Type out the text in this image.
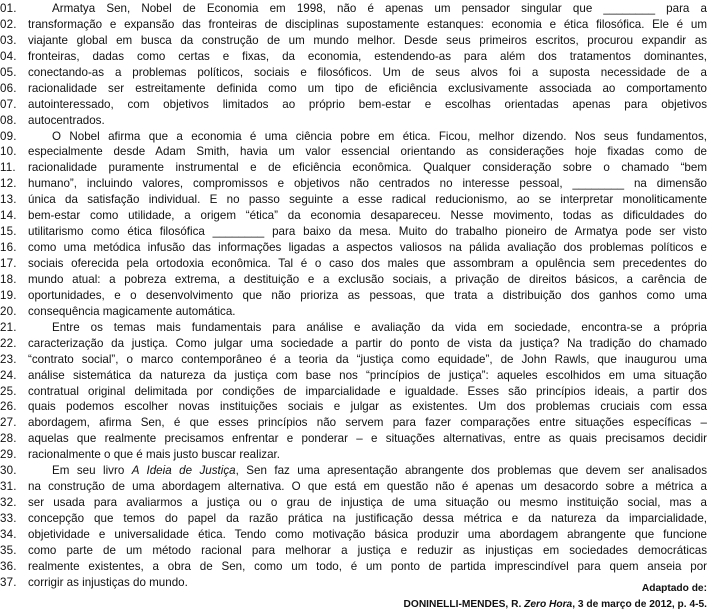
01.	Armatya Sen, Nobel de Economia em 1998, não é apenas um pensador singular que ________ para a
02. transformação e expansão das fronteiras de disciplinas supostamente estanques: economia e ética filosófica. Ele é um
03. viajante global em busca da construção de um mundo melhor. Desde seus primeiros escritos, procurou expandir as
04. fronteiras, dadas como certas e fixas, da economia, estendendo-as para além dos tratamentos dominantes,
05. conectando-as a problemas políticos, sociais e filosóficos. Um de seus alvos foi a suposta necessidade de a
06. racionalidade ser estreitamente definida como um tipo de eficiência exclusivamente associada ao comportamento
07. autointeressado, com objetivos limitados ao próprio bem-estar e escolhas orientadas apenas para objetivos
08. autocentrados.
09.	O Nobel afirma que a economia é uma ciência pobre em ética. Ficou, melhor dizendo. Nos seus fundamentos,
10. especialmente desde Adam Smith, havia um valor essencial orientando as considerações hoje fixadas como de
11.	racionalidade puramente instrumental e de eficiência econômica. Qualquer consideração sobre o chamado “bem
12. humano”, incluindo valores, compromissos e objetivos não centrados no interesse pessoal, ________ na dimensão
13. única da satisfação individual. E no passo seguinte a esse radical reducionismo, ao se interpretar monoliticamente
14. bem-estar como utilidade, a origem “ética” da economia desapareceu. Nesse movimento, todas as dificuldades do
15. utilitarismo como ética filosófica ________ para baixo da mesa. Muito do trabalho pioneiro de Armatya pode ser visto
16. como uma metódica infusão das informações ligadas a aspectos valiosos na pálida avaliação dos problemas políticos e
17. sociais oferecida pela ortodoxia econômica. Tal é o caso dos males que assombram a opulência sem precedentes do
18. mundo atual: a pobreza extrema, a destituição e a exclusão sociais, a privação de direitos básicos, a carência de
19. oportunidades, e o desenvolvimento que não prioriza as pessoas, que trata a distribuição dos ganhos como uma
20. consequência magicamente automática.
21.	Entre os temas mais fundamentais para análise e avaliação da vida em sociedade, encontra-se a própria
22. caracterização da justiça. Como julgar uma sociedade a partir do ponto de vista da justiça? Na tradição do chamado
23. “contrato social”, o marco contemporâneo é a teoria da “justiça como equidade”, de John Rawls, que inaugurou uma
24. análise sistemática da natureza da justiça com base nos “princípios de justiça”: aqueles escolhidos em uma situação
25. contratual original delimitada por condições de imparcialidade e igualdade. Esses são princípios ideais, a partir dos
26. quais podemos escolher novas instituições sociais e julgar as existentes. Um dos problemas cruciais com essa
27. abordagem, afirma Sen, é que esses princípios não servem para fazer comparações entre situações específicas –
28. aquelas que realmente precisamos enfrentar e ponderar – e situações alternativas, entre as quais precisamos decidir
29. racionalmente o que é mais justo buscar realizar.
30.	Em seu livro A Ideia de Justiça, Sen faz uma apresentação abrangente dos problemas que devem ser analisados
31. na construção de uma abordagem alternativa. O que está em questão não é apenas um desacordo sobre a métrica a
32. ser usada para avaliarmos a justiça ou o grau de injustiça de uma situação ou mesmo instituição social, mas a
33. concepção que temos do papel da razão prática na justificação dessa métrica e da natureza da imparcialidade,
34. objetividade e universalidade ética. Tendo como motivação básica produzir uma abordagem abrangente que funcione
35. como parte de um método racional para melhorar a justiça e reduzir as injustiças em sociedades democráticas
36. realmente existentes, a obra de Sen, como um todo, é um ponto de partida imprescindível para quem anseia por
37. corrigir as injustiças do mundo.	Adaptado de:
DONINELLI-MENDES, R. Zero Hora, 3 de março de 2012, p. 4-5.
